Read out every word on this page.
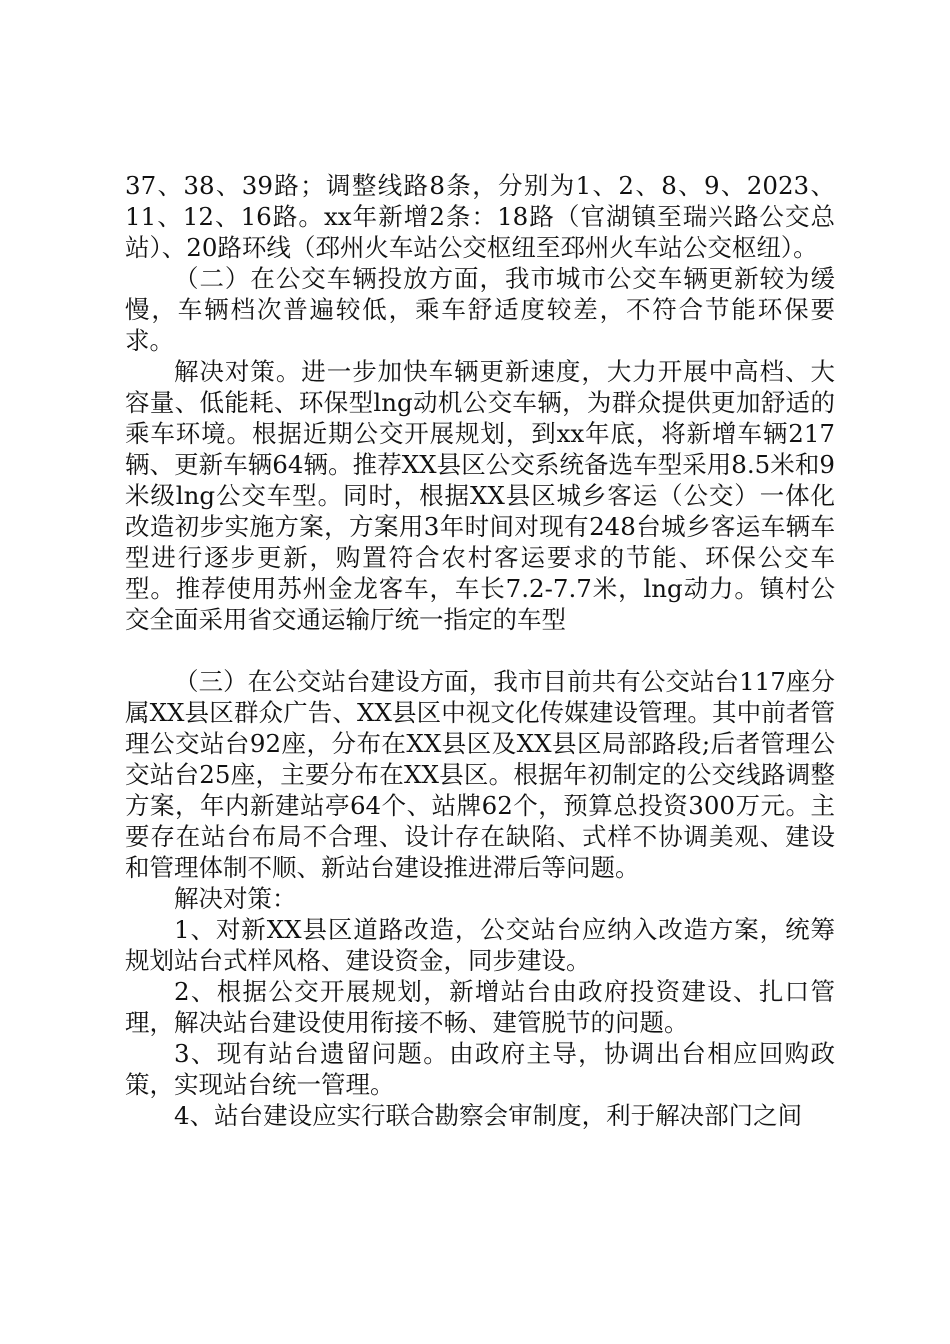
37、38、39路；调整线路8条，分别为1、2、8、9、2023、11、12、16路。xx年新增2条：18路（官湖镇至瑞兴路公交总站）、20路环线（邳州火车站公交枢纽至邳州火车站公交枢纽）。

（二）在公交车辆投放方面，我市城市公交车辆更新较为缓慢，车辆档次普遍较低，乘车舒适度较差，不符合节能环保要求。

解决对策。进一步加快车辆更新速度，大力开展中高档、大容量、低能耗、环保型lng动机公交车辆，为群众提供更加舒适的乘车环境。根据近期公交开展规划，到xx年底，将新增车辆217辆、更新车辆64辆。推荐XX县区公交系统备选车型采用8.5米和9米级lng公交车型。同时，根据XX县区城乡客运（公交）一体化改造初步实施方案，方案用3年时间对现有248台城乡客运车辆车型进行逐步更新，购置符合农村客运要求的节能、环保公交车型。推荐使用苏州金龙客车，车长7.2-7.7米，lng动力。镇村公交全面采用省交通运输厅统一指定的车型

（三）在公交站台建设方面，我市目前共有公交站台117座分属XX县区群众广告、XX县区中视文化传媒建设管理。其中前者管理公交站台92座，分布在XX县区及XX县区局部路段;后者管理公交站台25座，主要分布在XX县区。根据年初制定的公交线路调整方案，年内新建站亭64个、站牌62个，预算总投资300万元。主要存在站台布局不合理、设计存在缺陷、式样不协调美观、建设和管理体制不顺、新站台建设推进滞后等问题。

解决对策：

1、对新XX县区道路改造，公交站台应纳入改造方案，统筹规划站台式样风格、建设资金，同步建设。

2、根据公交开展规划，新增站台由政府投资建设、扎口管理，解决站台建设使用衔接不畅、建管脱节的问题。

3、现有站台遗留问题。由政府主导，协调出台相应回购政策，实现站台统一管理。

4、站台建设应实行联合勘察会审制度，利于解决部门之间
